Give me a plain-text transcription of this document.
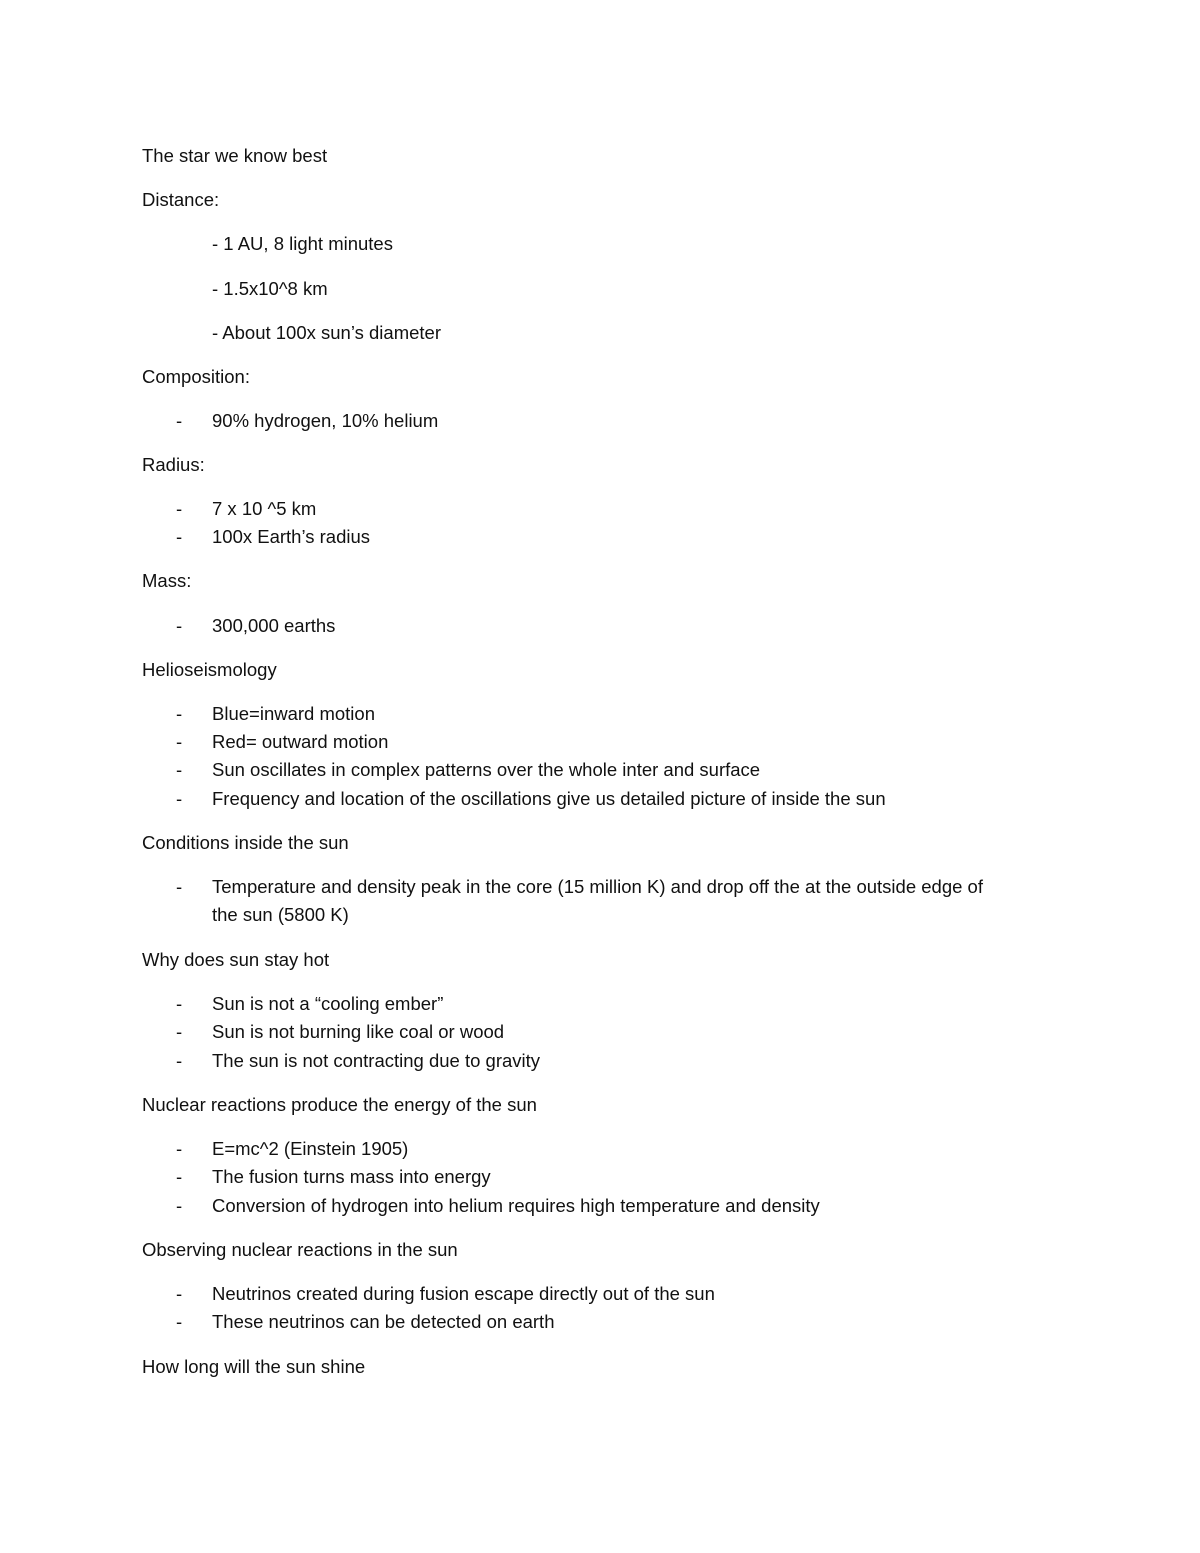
The star we know best
Distance:
- 1 AU, 8 light minutes
- 1.5x10^8 km
- About 100x sun’s diameter
Composition:
- 90% hydrogen, 10% helium
Radius:
- 7 x 10 ^5 km
- 100x Earth’s radius
Mass:
- 300,000 earths
Helioseismology
- Blue=inward motion
- Red= outward motion
- Sun oscillates in complex patterns over the whole inter and surface
- Frequency and location of the oscillations give us detailed picture of inside the sun
Conditions inside the sun
- Temperature and density peak in the core (15 million K) and drop off the at the outside edge of
the sun (5800 K)
Why does sun stay hot
- Sun is not a “cooling ember”
- Sun is not burning like coal or wood
- The sun is not contracting due to gravity
Nuclear reactions produce the energy of the sun
- E=mc^2 (Einstein 1905)
- The fusion turns mass into energy
- Conversion of hydrogen into helium requires high temperature and density
Observing nuclear reactions in the sun
- Neutrinos created during fusion escape directly out of the sun
- These neutrinos can be detected on earth
How long will the sun shine
